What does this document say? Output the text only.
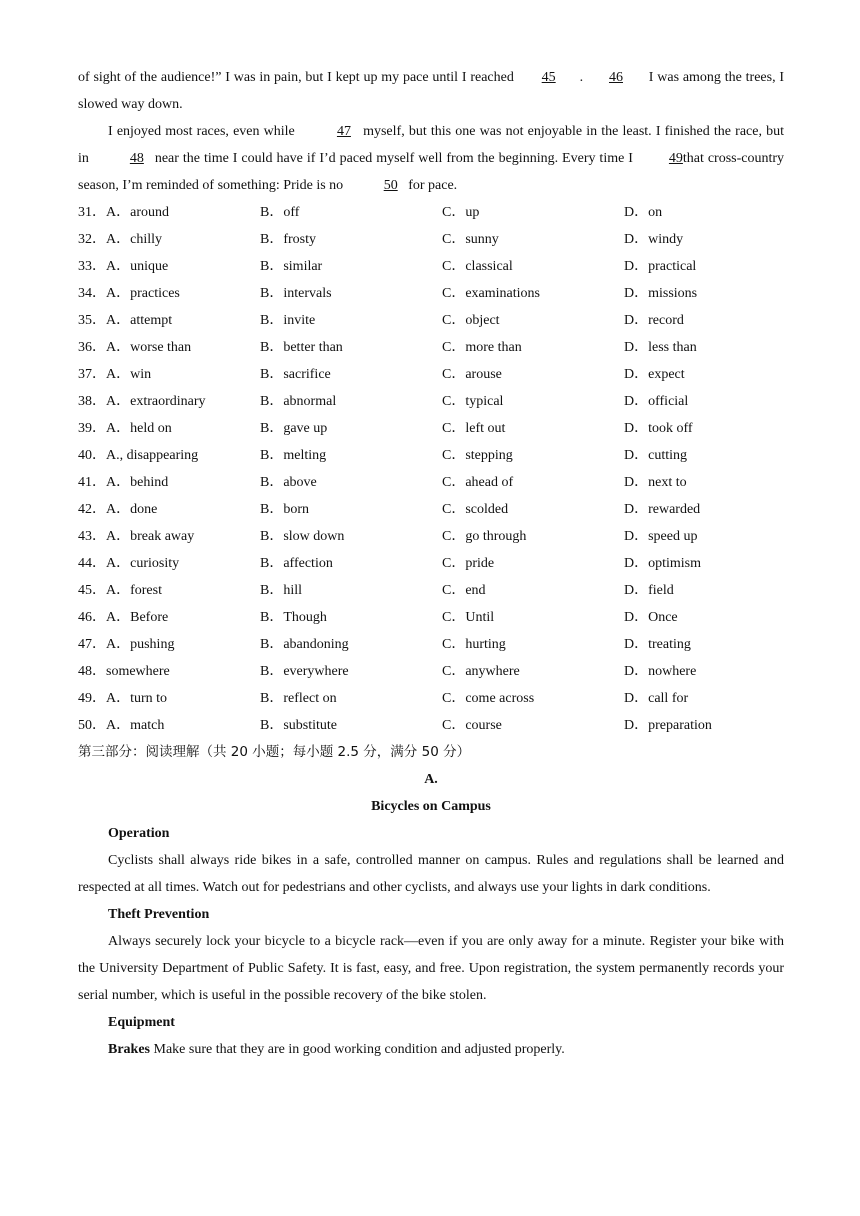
of sight of the audience!” I was in pain, but I kept up my pace until I reached 45 . 46 I was among the trees, I slowed way down.

I enjoyed most races, even while	47 myself, but this one was not enjoyable in the least. I finished the race, but in	48 near the time I could have if I’d paced myself well from the beginning. Every time I	49 that cross-country season, I’m reminded of something: Pride is no	50 for pace.

31．A．around	B．off	C．up	D．on
32．A．chilly	B．frosty	C．sunny	D．windy
33．A．unique	B．similar	C．classical	D．practical
34．A．practices	B．intervals	C．examinations	D．missions
35．A．attempt	B．invite	C．object	D．record
36．A．worse than	B．better than	C．more than	D．less than
37．A．win	B．sacrifice	C．arouse	D．expect
38．A．extraordinary	B．abnormal	C．typical	D．official
39．A．held on	B．gave up	C．left out	D．took off
40．A., disappearing	B．melting	C．stepping	D．cutting
41．A．behind	B．above	C．ahead of	D．next to
42．A．done	B．born	C．scolded	D．rewarded
43．A．break away	B．slow down	C．go through	D．speed up
44．A．curiosity	B．affection	C．pride	D．optimism
45．A．forest	B．hill	C．end	D．field
46．A．Before	B．Though	C．Until	D．Once
47．A．pushing	B．abandoning	C．hurting	D．treating
48．somewhere	B．everywhere	C．anywhere	D．nowhere
49．A．turn to	B．reflect on	C．come across	D．call for
50．A．match	B．substitute	C．course	D．preparation

第三部分：阅读理解（共 20 小题；每小题 2.5 分，满分 50 分）

A.

Bicycles on Campus

Operation

Cyclists shall always ride bikes in a safe, controlled manner on campus. Rules and regulations shall be learned and respected at all times. Watch out for pedestrians and other cyclists, and always use your lights in dark conditions.

Theft Prevention

Always securely lock your bicycle to a bicycle rack—even if you are only away for a minute. Register your bike with the University Department of Public Safety. It is fast, easy, and free. Upon registration, the system permanently records your serial number, which is useful in the possible recovery of the bike stolen.

Equipment

Brakes Make sure that they are in good working condition and adjusted properly.
